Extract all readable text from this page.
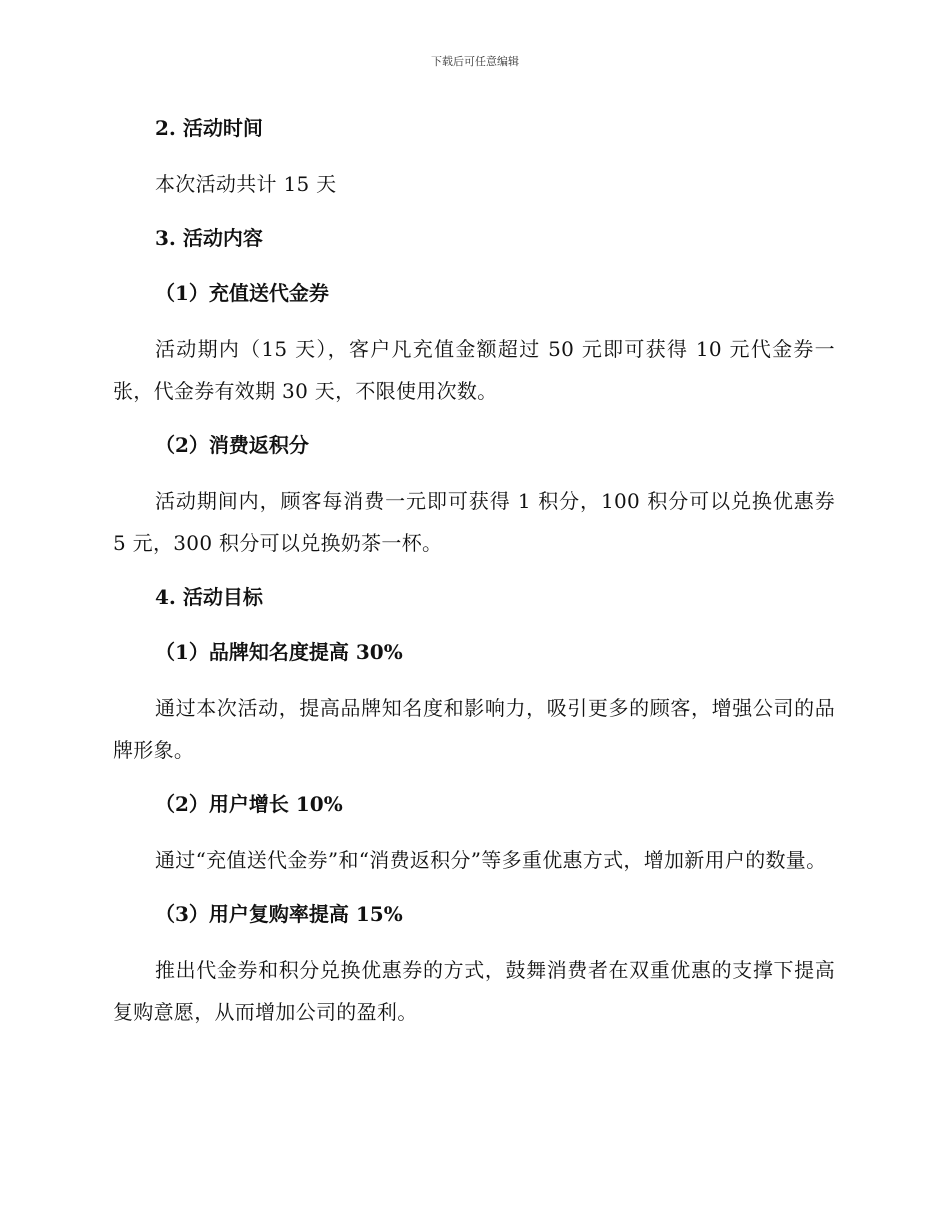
下载后可任意编辑
2. 活动时间

本次活动共计 15 天

3. 活动内容
（1）充值送代金券

活动期内（15 天），客户凡充值金额超过 50 元即可获得 10 元代金券一张，代金券有效期 30 天，不限使用次数。

（2）消费返积分

活动期间内，顾客每消费一元即可获得 1 积分，100 积分可以兑换优惠券 5 元，300 积分可以兑换奶茶一杯。

4. 活动目标
（1）品牌知名度提高 30%

通过本次活动，提高品牌知名度和影响力，吸引更多的顾客，增强公司的品牌形象。

（2）用户增长 10%

通过“充值送代金券”和“消费返积分”等多重优惠方式，增加新用户的数量。

（3）用户复购率提高 15%

推出代金券和积分兑换优惠券的方式，鼓舞消费者在双重优惠的支撑下提高复购意愿，从而增加公司的盈利。
